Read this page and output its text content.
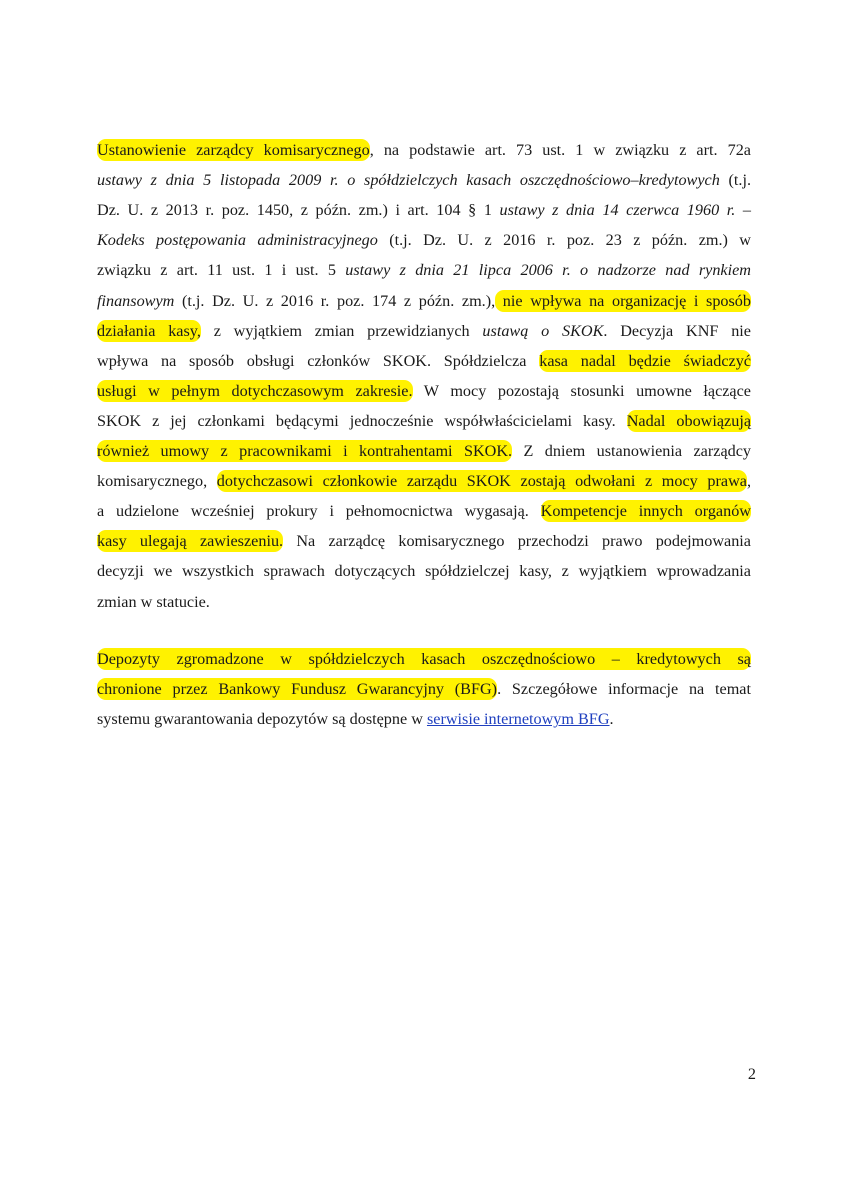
Ustanowienie zarządcy komisarycznego, na podstawie art. 73 ust. 1 w związku z art. 72a
ustawy z dnia 5 listopada 2009 r. o spółdzielczych kasach oszczędnościowo–kredytowych (t.j.
Dz. U. z 2013 r. poz. 1450, z późn. zm.) i art. 104 § 1 ustawy z dnia 14 czerwca 1960 r. –
Kodeks postępowania administracyjnego (t.j. Dz. U. z 2016 r. poz. 23 z późn. zm.) w
związku z art. 11 ust. 1 i ust. 5 ustawy z dnia 21 lipca 2006 r. o nadzorze nad rynkiem
finansowym (t.j. Dz. U. z 2016 r. poz. 174 z późn. zm.), nie wpływa na organizację i sposób
działania kasy, z wyjątkiem zmian przewidzianych ustawą o SKOK. Decyzja KNF nie
wpływa na sposób obsługi członków SKOK. Spółdzielcza kasa nadal będzie świadczyć
usługi w pełnym dotychczasowym zakresie. W mocy pozostają stosunki umowne łączące
SKOK z jej członkami będącymi jednocześnie współwłaścicielami kasy. Nadal obowiązują
również umowy z pracownikami i kontrahentami SKOK. Z dniem ustanowienia zarządcy
komisarycznego, dotychczasowi członkowie zarządu SKOK zostają odwołani z mocy prawa,
a udzielone wcześniej prokury i pełnomocnictwa wygasają. Kompetencje innych organów
kasy ulegają zawieszeniu. Na zarządcę komisarycznego przechodzi prawo podejmowania
decyzji we wszystkich sprawach dotyczących spółdzielczej kasy, z wyjątkiem wprowadzania
zmian w statucie.
Depozyty zgromadzone w spółdzielczych kasach oszczędnościowo – kredytowych są
chronione przez Bankowy Fundusz Gwarancyjny (BFG). Szczegółowe informacje na temat
systemu gwarantowania depozytów są dostępne w serwisie internetowym BFG.
2
